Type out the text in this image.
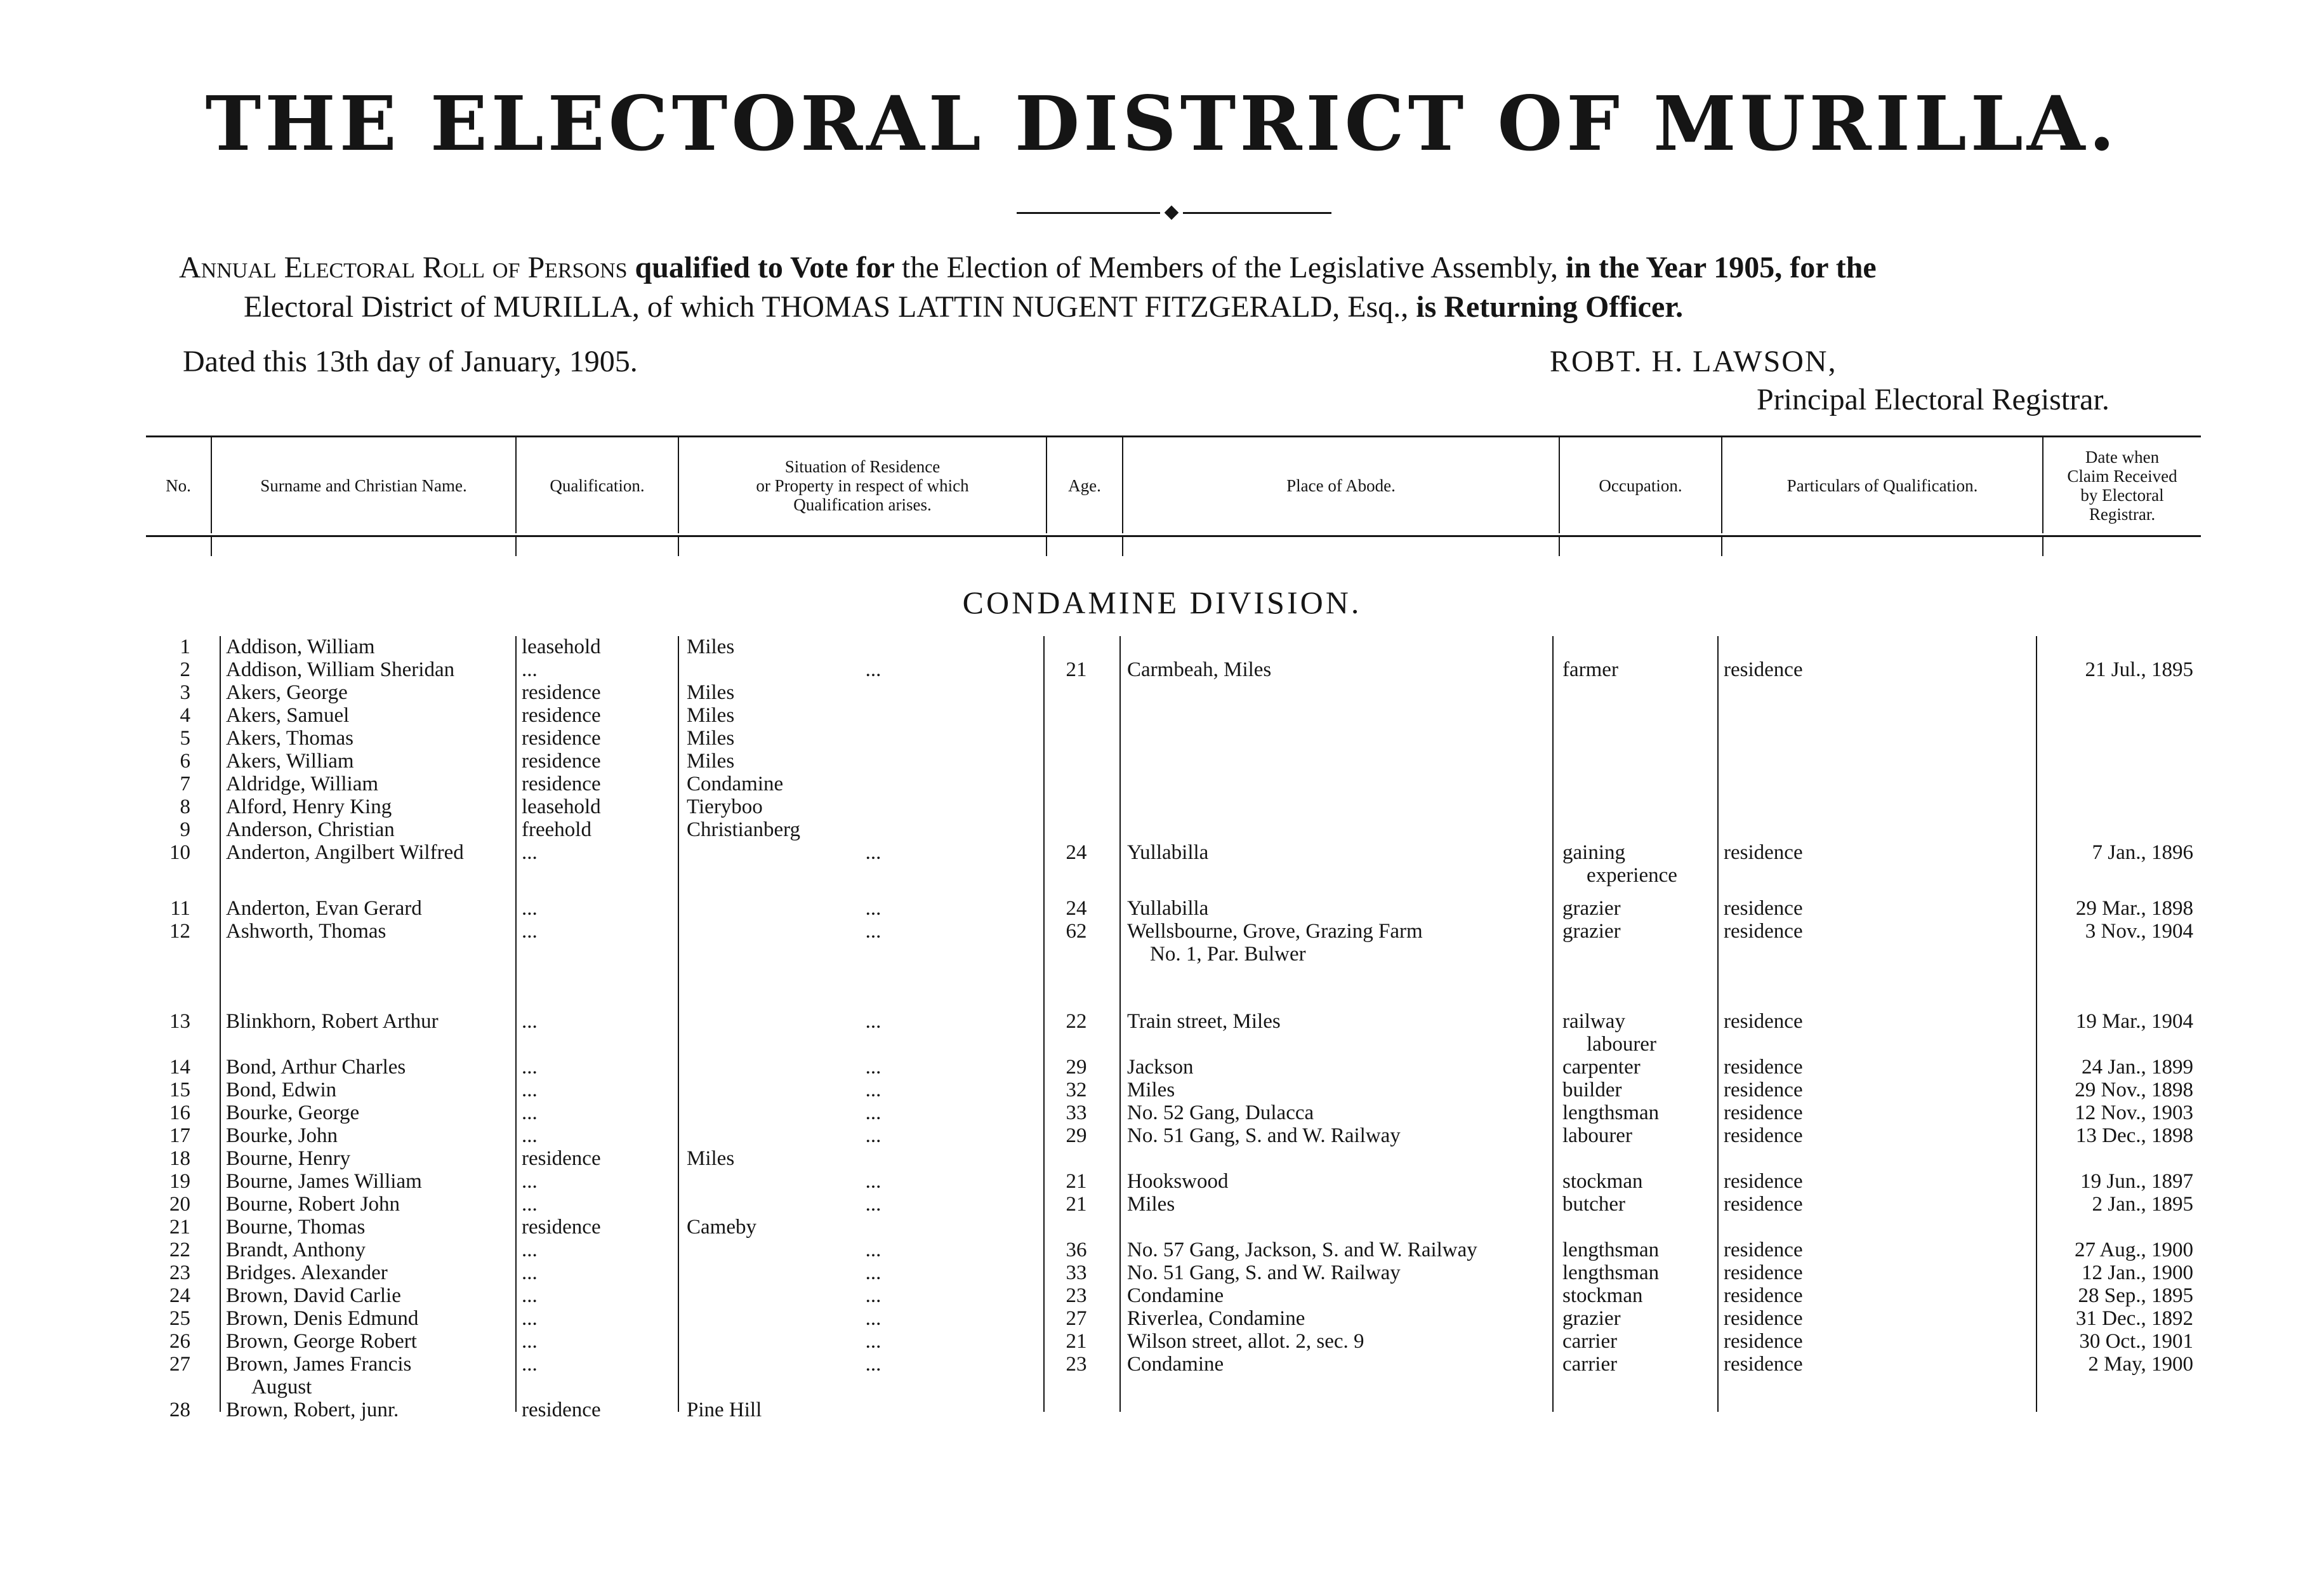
THE ELECTORAL DISTRICT OF MURILLA.
Annual Electoral Roll of Persons qualified to Vote for the Election of Members of the Legislative Assembly, in the Year 1905, for the
Electoral District of MURILLA, of which THOMAS LATTIN NUGENT FITZGERALD, Esq., is Returning Officer.
Dated this 13th day of January, 1905.	ROBT. H. LAWSON,
Principal Electoral Registrar.
No.	Surname and Christian Name.	Qualification.
Situation of Residence
or Property in respect of which
Qualification arises.
Age.	Place of Abode.	Occupation.	Particulars of Qualification.
Date when
Claim Received
by Electoral
Registrar.
CONDAMINE DIVISION.
1 Addison, William	leasehold	Miles
2 Addison, William Sheridan	...	...	21	Carmbeah, Miles	farmer	residence	21 Jul., 1895
3 Akers, George	residence	Miles
4 Akers, Samuel	residence	Miles
5 Akers, Thomas	residence	Miles
6 Akers, William	residence	Miles
7 Aldridge, William	residence	Condamine
8 Alford, Henry King	leasehold	Tieryboo
9 Anderson, Christian	freehold	Christianberg
10 Anderton, Angilbert Wilfred	...	...	24	Yullabilla	gaining	residence	7 Jan., 1896
experience
11 Anderton, Evan Gerard	...	...	24	Yullabilla	grazier	residence	29 Mar., 1898
12 Ashworth, Thomas	...	...	62	Wellsbourne, Grove, Grazing Farm	grazier	residence	3 Nov., 1904
No. 1, Par. Bulwer
13 Blinkhorn, Robert Arthur	...	...	22	Train street, Miles	railway	residence	19 Mar., 1904
labourer
14 Bond, Arthur Charles	...	...	29	Jackson	carpenter	residence	24 Jan., 1899
15 Bond, Edwin	...	...	32	Miles	builder	residence	29 Nov., 1898
16 Bourke, George	...	...	33	No. 52 Gang, Dulacca	lengthsman	residence	12 Nov., 1903
17 Bourke, John	...	...	29	No. 51 Gang, S. and W. Railway	labourer	residence	13 Dec., 1898
18 Bourne, Henry	residence	Miles
19 Bourne, James William	...	...	21	Hookswood	stockman	residence	19 Jun., 1897
20 Bourne, Robert John	...	...	21	Miles	butcher	residence	2 Jan., 1895
21 Bourne, Thomas	residence	Cameby
22 Brandt, Anthony	...	...	36	No. 57 Gang, Jackson, S. and W. Railway	lengthsman	residence	27 Aug., 1900
23 Bridges. Alexander	...	...	33	No. 51 Gang, S. and W. Railway	lengthsman	residence	12 Jan., 1900
24 Brown, David Carlie	...	...	23	Condamine	stockman	residence	28 Sep., 1895
25 Brown, Denis Edmund	...	...	27	Riverlea, Condamine	grazier	residence	31 Dec., 1892
26 Brown, George Robert	...	...	21	Wilson street, allot. 2, sec. 9	carrier	residence	30 Oct., 1901
27 Brown, James Francis	...	...	23	Condamine	carrier	residence	2 May, 1900
August
28 Brown, Robert, junr.	residence	Pine Hill
